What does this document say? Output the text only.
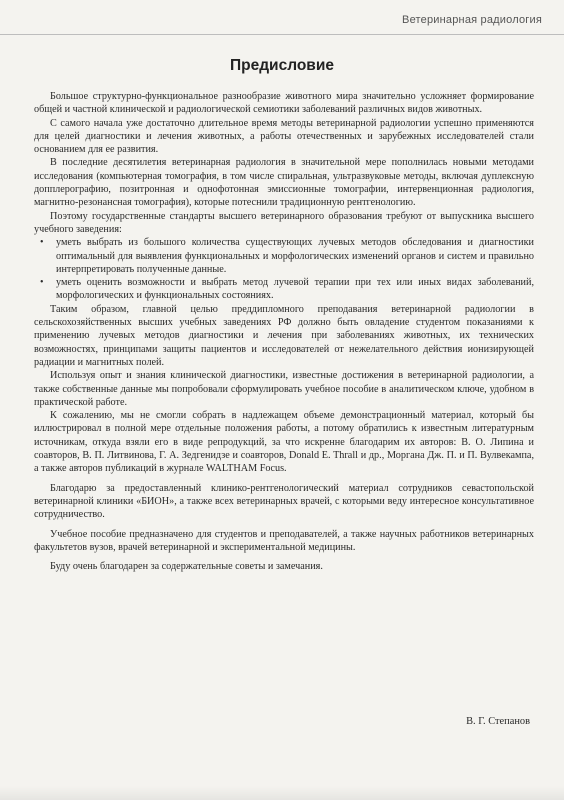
Ветеринарная радиология
Предисловие

Большое структурно-функциональное разнообразие животного мира значительно усложняет формирование общей и частной клинической и радиологической семиотики заболеваний различных видов животных.

С самого начала уже достаточно длительное время методы ветеринарной радиологии успешно применяются для целей диагностики и лечения животных, а работы отечественных и зарубежных исследователей стали основанием для ее развития.

В последние десятилетия ветеринарная радиология в значительной мере пополнилась новыми методами исследования (компьютерная томография, в том числе спиральная, ультразвуковые методы, включая дуплексную допплерографию, позитронная и однофотонная эмиссионные томографии, интервенционная радиология, магнитно-резонансная томография), которые потеснили традиционную рентгенологию.

Поэтому государственные стандарты высшего ветеринарного образования требуют от выпускника высшего учебного заведения:

• уметь выбрать из большого количества существующих лучевых методов обследования и диагностики оптимальный для выявления функциональных и морфологических изменений органов и систем и правильно интерпретировать полученные данные.
• уметь оценить возможности и выбрать метод лучевой терапии при тех или иных видах заболеваний, морфологических и функциональных состояниях.

Таким образом, главной целью преддипломного преподавания ветеринарной радиологии в сельскохозяйственных высших учебных заведениях РФ должно быть овладение студентом показаниями к применению лучевых методов диагностики и лечения при заболеваниях животных, их технических возможностях, принципами защиты пациентов и исследователей от нежелательного действия ионизирующей радиации и магнитных полей.

Используя опыт и знания клинической диагностики, известные достижения в ветеринарной радиологии, а также собственные данные мы попробовали сформулировать учебное пособие в аналитическом ключе, удобном в практической работе.

К сожалению, мы не смогли собрать в надлежащем объеме демонстрационный материал, который бы иллюстрировал в полной мере отдельные положения работы, а потому обратились к известным литературным источникам, откуда взяли его в виде репродукций, за что искренне благодарим их авторов: В. О. Липина и соавторов, В. П. Литвинова, Г. А. Зедгенидзе и соавторов, Donald E. Thrall и др., Моргана Дж. П. и П. Вулвекампа, а также авторов публикаций в журнале WALTHAM Focus.

Благодарю за предоставленный клинико-рентгенологический материал сотрудников севастопольской ветеринарной клиники «БИОН», а также всех ветеринарных врачей, с которыми веду интересное консультативное сотрудничество.

Учебное пособие предназначено для студентов и преподавателей, а также научных работников ветеринарных факультетов вузов, врачей ветеринарной и экспериментальной медицины.

Буду очень благодарен за содержательные советы и замечания.

В. Г. Степанов
